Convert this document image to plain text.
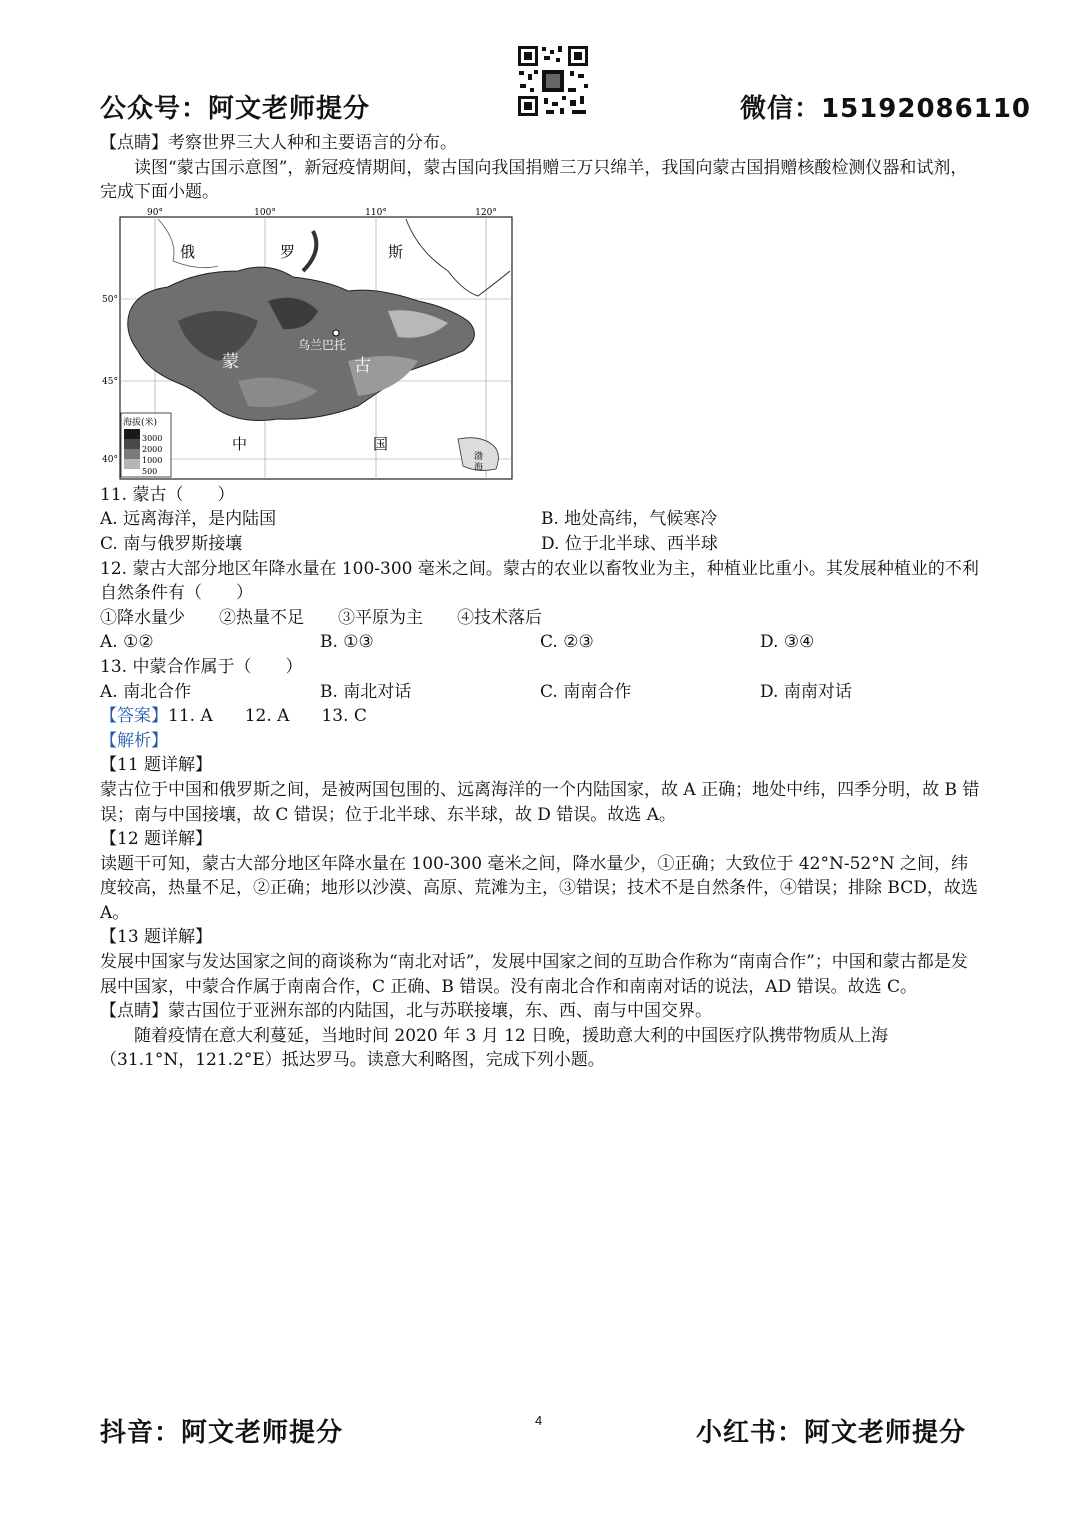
公众号：阿文老师提分	微信：15192086110

【点睛】考察世界三大人种和主要语言的分布。

读图“蒙古国示意图”，新冠疫情期间，蒙古国向我国捐赠三万只绵羊，我国向蒙古国捐赠核酸检测仪器和试剂，完成下面小题。

90°	100°	110°	120°
50°
45°
40°
俄	罗	斯
蒙	古
中	国
乌兰巴托
渤
海
海拔(米)
3000
2000
1000
500

11. 蒙古（　　）

A. 远离海洋，是内陆国	B. 地处高纬，气候寒冷
C. 南与俄罗斯接壤	D. 位于北半球、西半球

12. 蒙古大部分地区年降水量在 100-300 毫米之间。蒙古的农业以畜牧业为主，种植业比重小。其发展种植业的不利自然条件有（　　）

①降水量少　　②热量不足　　③平原为主　　④技术落后

A. ①②	B. ①③	C. ②③	D. ③④

13. 中蒙合作属于（　　）

A. 南北合作	B. 南北对话	C. 南南合作	D. 南南对话

【答案】11. A 12. A 13. C

【解析】

【11 题详解】

蒙古位于中国和俄罗斯之间，是被两国包围的、远离海洋的一个内陆国家，故 A 正确；地处中纬，四季分明，故 B 错误；南与中国接壤，故 C 错误；位于北半球、东半球，故 D 错误。故选 A。

【12 题详解】

读题干可知，蒙古大部分地区年降水量在 100-300 毫米之间，降水量少，①正确；大致位于 42°N-52°N 之间，纬度较高，热量不足，②正确；地形以沙漠、高原、荒滩为主，③错误；技术不是自然条件，④错误；排除 BCD，故选 A。

【13 题详解】

发展中国家与发达国家之间的商谈称为“南北对话”，发展中国家之间的互助合作称为“南南合作”；中国和蒙古都是发展中国家，中蒙合作属于南南合作，C 正确、B 错误。没有南北合作和南南对话的说法，AD 错误。故选 C。

【点睛】蒙古国位于亚洲东部的内陆国，北与苏联接壤，东、西、南与中国交界。

随着疫情在意大利蔓延，当地时间 2020 年 3 月 12 日晚，援助意大利的中国医疗队携带物质从上海（31.1°N，121.2°E）抵达罗马。读意大利略图，完成下列小题。

抖音：阿文老师提分	4	小红书：阿文老师提分
